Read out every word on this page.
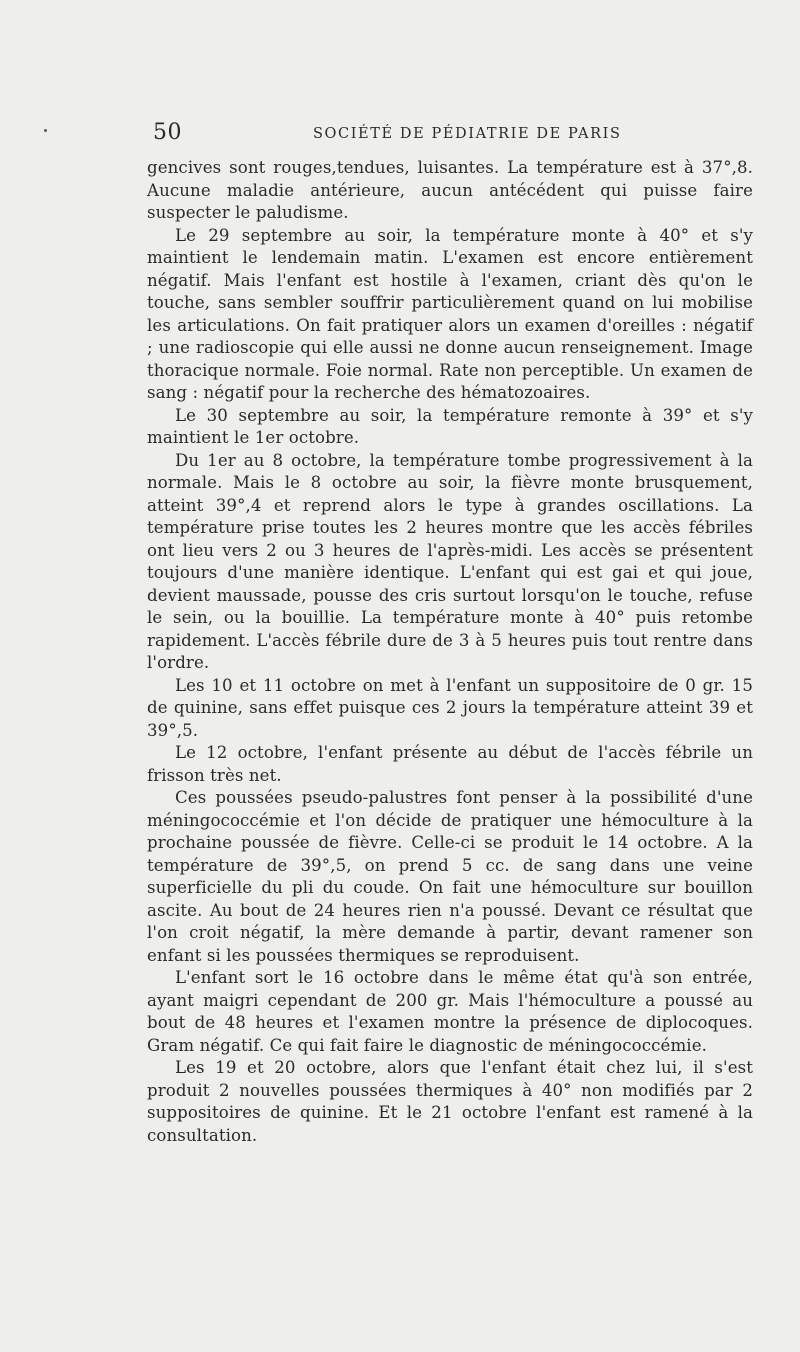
50	SOCIÉTÉ DE PÉDIATRIE DE PARIS

gencives sont rouges,tendues, luisantes. La température est à 37°,8. Aucune maladie antérieure, aucun antécédent qui puisse faire suspecter le paludisme.

Le 29 septembre au soir, la température monte à 40° et s'y maintient le lendemain matin. L'examen est encore entièrement négatif. Mais l'enfant est hostile à l'examen, criant dès qu'on le touche, sans sembler souffrir particulièrement quand on lui mobilise les articulations. On fait pratiquer alors un examen d'oreilles : négatif ; une radioscopie qui elle aussi ne donne aucun renseignement. Image thoracique normale. Foie normal. Rate non perceptible. Un examen de sang : négatif pour la recherche des hématozoaires.

Le 30 septembre au soir, la température remonte à 39° et s'y maintient le 1er octobre.

Du 1er au 8 octobre, la température tombe progressivement à la normale. Mais le 8 octobre au soir, la fièvre monte brusquement, atteint 39°,4 et reprend alors le type à grandes oscillations. La température prise toutes les 2 heures montre que les accès fébriles ont lieu vers 2 ou 3 heures de l'après-midi. Les accès se présentent toujours d'une manière identique. L'enfant qui est gai et qui joue, devient maussade, pousse des cris surtout lorsqu'on le touche, refuse le sein, ou la bouillie. La température monte à 40° puis retombe rapidement. L'accès fébrile dure de 3 à 5 heures puis tout rentre dans l'ordre.

Les 10 et 11 octobre on met à l'enfant un suppositoire de 0 gr. 15 de quinine, sans effet puisque ces 2 jours la température atteint 39 et 39°,5.

Le 12 octobre, l'enfant présente au début de l'accès fébrile un frisson très net.

Ces poussées pseudo-palustres font penser à la possibilité d'une méningococcémie et l'on décide de pratiquer une hémoculture à la prochaine poussée de fièvre. Celle-ci se produit le 14 octobre. A la température de 39°,5, on prend 5 cc. de sang dans une veine superficielle du pli du coude. On fait une hémoculture sur bouillon ascite. Au bout de 24 heures rien n'a poussé. Devant ce résultat que l'on croit négatif, la mère demande à partir, devant ramener son enfant si les poussées thermiques se reproduisent.

L'enfant sort le 16 octobre dans le même état qu'à son entrée, ayant maigri cependant de 200 gr. Mais l'hémoculture a poussé au bout de 48 heures et l'examen montre la présence de diplocoques. Gram négatif. Ce qui fait faire le diagnostic de méningococcémie.

Les 19 et 20 octobre, alors que l'enfant était chez lui, il s'est produit 2 nouvelles poussées thermiques à 40° non modifiés par 2 suppositoires de quinine. Et le 21 octobre l'enfant est ramené à la consultation.
